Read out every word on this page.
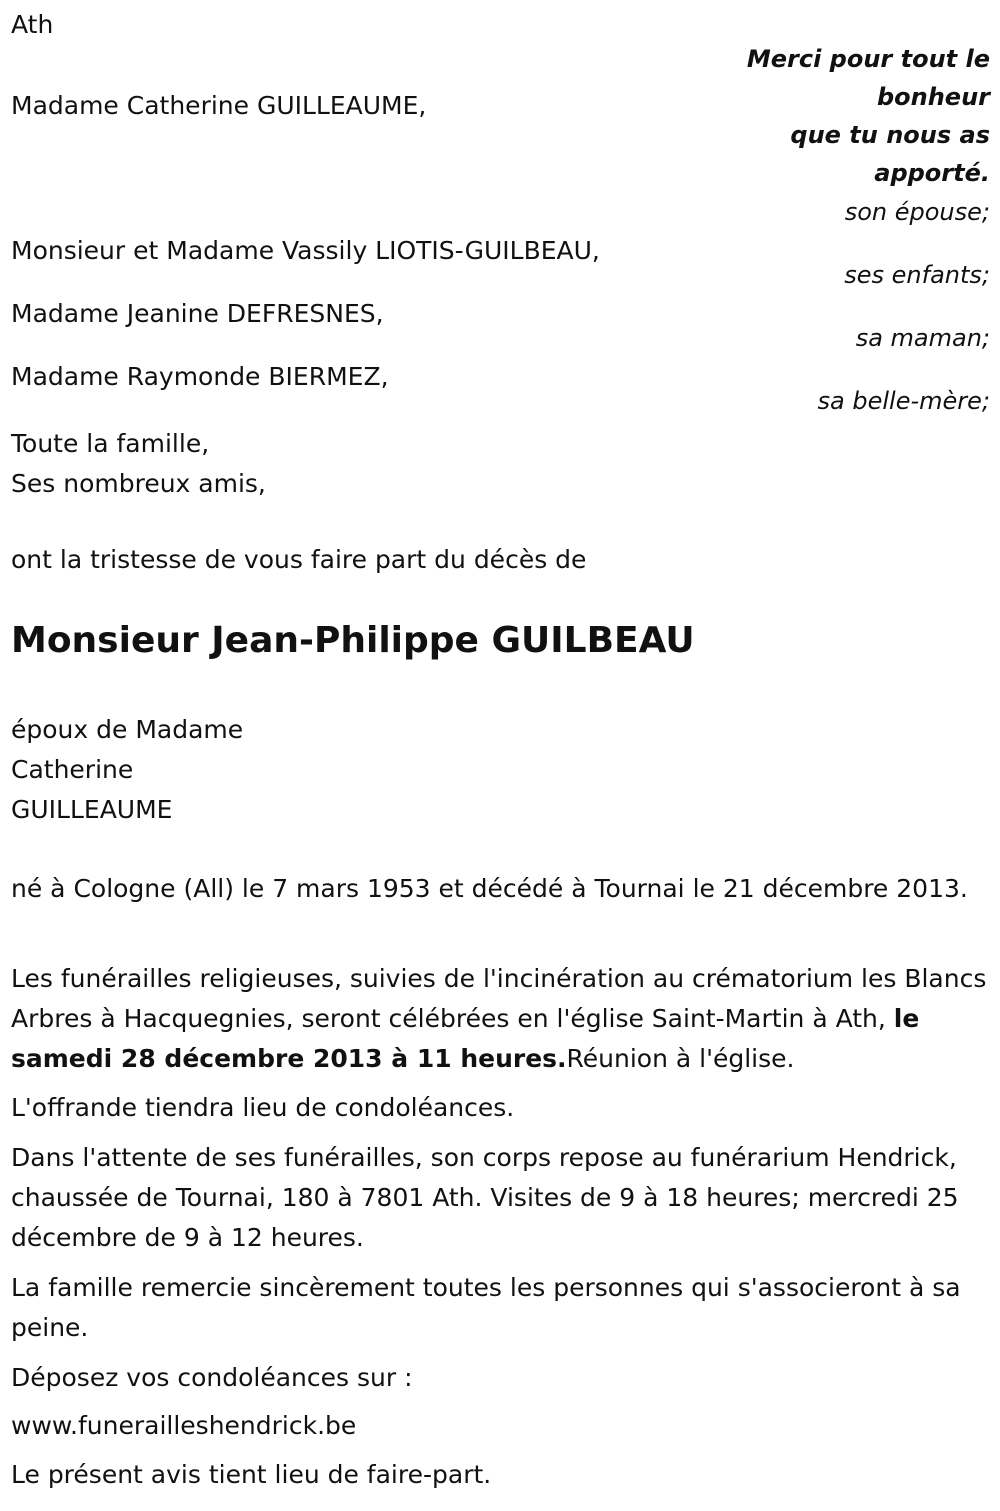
Ath
Merci pour tout le
bonheur
que tu nous as
apporté.
Madame Catherine GUILLEAUME,
son épouse;
Monsieur et Madame Vassily LIOTIS-GUILBEAU,
ses enfants;
Madame Jeanine DEFRESNES,
sa maman;
Madame Raymonde BIERMEZ,
sa belle-mère;
Toute la famille,
Ses nombreux amis,
ont la tristesse de vous faire part du décès de
Monsieur Jean-Philippe GUILBEAU
époux de Madame
Catherine
GUILLEAUME
né à Cologne (All) le 7 mars 1953 et décédé à Tournai le 21 décembre 2013.
Les funérailles religieuses, suivies de l'incinération au crématorium les Blancs Arbres à Hacquegnies, seront célébrées en l'église Saint-Martin à Ath, le samedi 28 décembre 2013 à 11 heures.Réunion à l'église.
L'offrande tiendra lieu de condoléances.
Dans l'attente de ses funérailles, son corps repose au funérarium Hendrick, chaussée de Tournai, 180 à 7801 Ath. Visites de 9 à 18 heures; mercredi 25 décembre de 9 à 12 heures.
La famille remercie sincèrement toutes les personnes qui s'associeront à sa peine.
Déposez vos condoléances sur :
www.funerailleshendrick.be
Le présent avis tient lieu de faire-part.
